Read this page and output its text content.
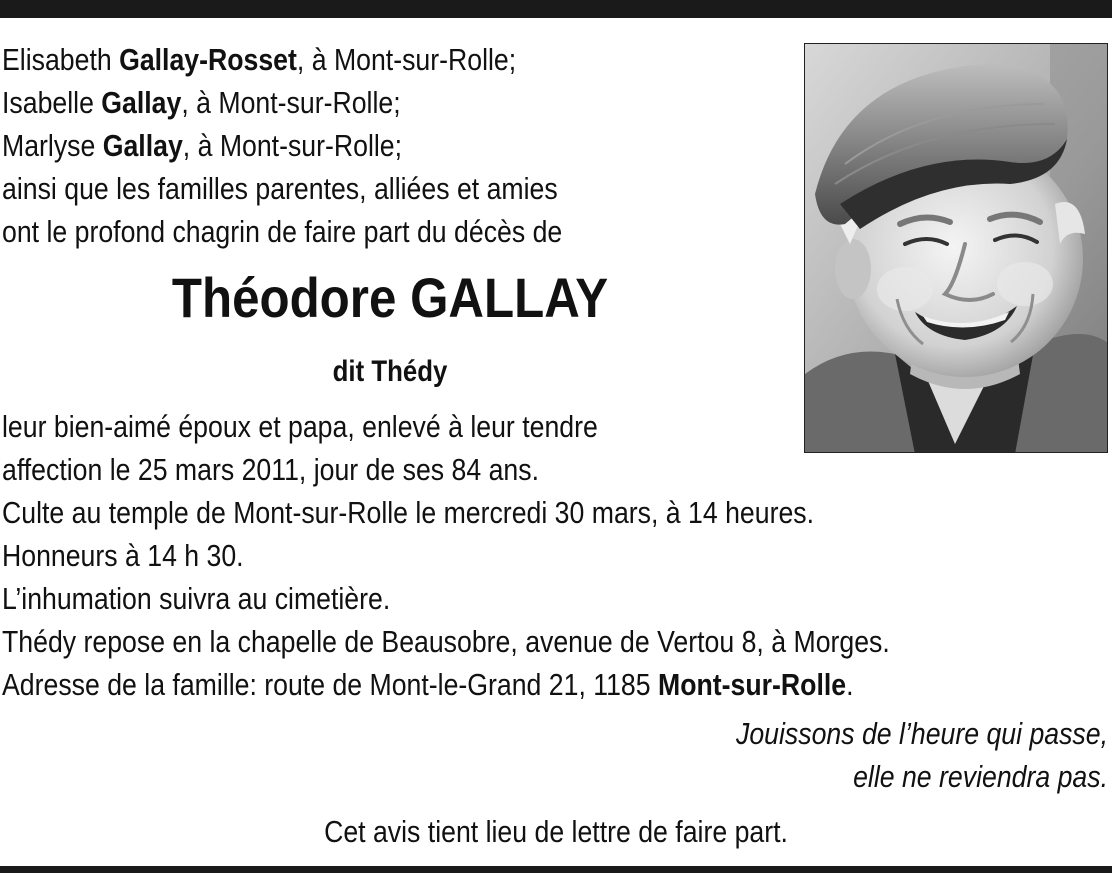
Elisabeth Gallay-Rosset, à Mont-sur-Rolle;
Isabelle Gallay, à Mont-sur-Rolle;
Marlyse Gallay, à Mont-sur-Rolle;
ainsi que les familles parentes, alliées et amies
ont le profond chagrin de faire part du décès de
Théodore GALLAY
dit Thédy
leur bien-aimé époux et papa, enlevé à leur tendre
affection le 25 mars 2011, jour de ses 84 ans.
Culte au temple de Mont-sur-Rolle le mercredi 30 mars, à 14 heures.
Honneurs à 14 h 30.
L’inhumation suivra au cimetière.
Thédy repose en la chapelle de Beausobre, avenue de Vertou 8, à Morges.
Adresse de la famille: route de Mont-le-Grand 21, 1185 Mont-sur-Rolle.
Jouissons de l’heure qui passe,
elle ne reviendra pas.
Cet avis tient lieu de lettre de faire part.
